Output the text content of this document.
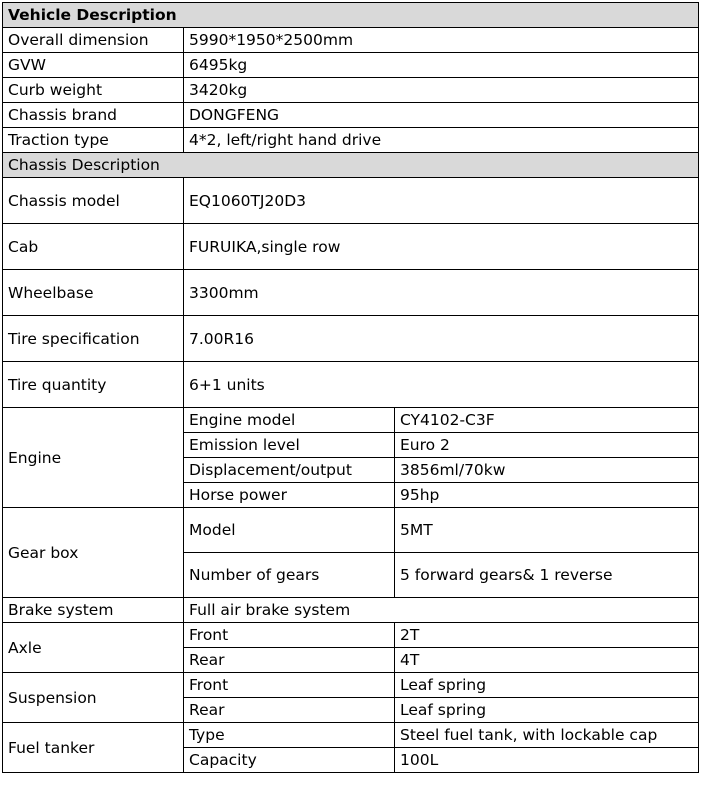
Vehicle Description		
Overall dimension	5990*1950*2500mm	
GVW	6495kg	
Curb weight	3420kg	
Chassis brand	DONGFENG	
Traction type	4*2, left/right hand drive	
Chassis Description		
Chassis model	EQ1060TJ20D3	
Cab	FURUIKA,single row	
Wheelbase	3300mm	
Tire specification	7.00R16	
Tire quantity	6+1 units	
Engine	Engine model	CY4102-C3F
	Emission level	Euro 2
	Displacement/output	3856ml/70kw
	Horse power	95hp
Gear box	Model	5MT
	Number of gears	5 forward gears& 1 reverse
Brake system	Full air brake system	
Axle	Front	2T
	Rear	4T
Suspension	Front	Leaf spring
	Rear	Leaf spring
Fuel tanker	Type	Steel fuel tank, with lockable cap
	Capacity	100L
